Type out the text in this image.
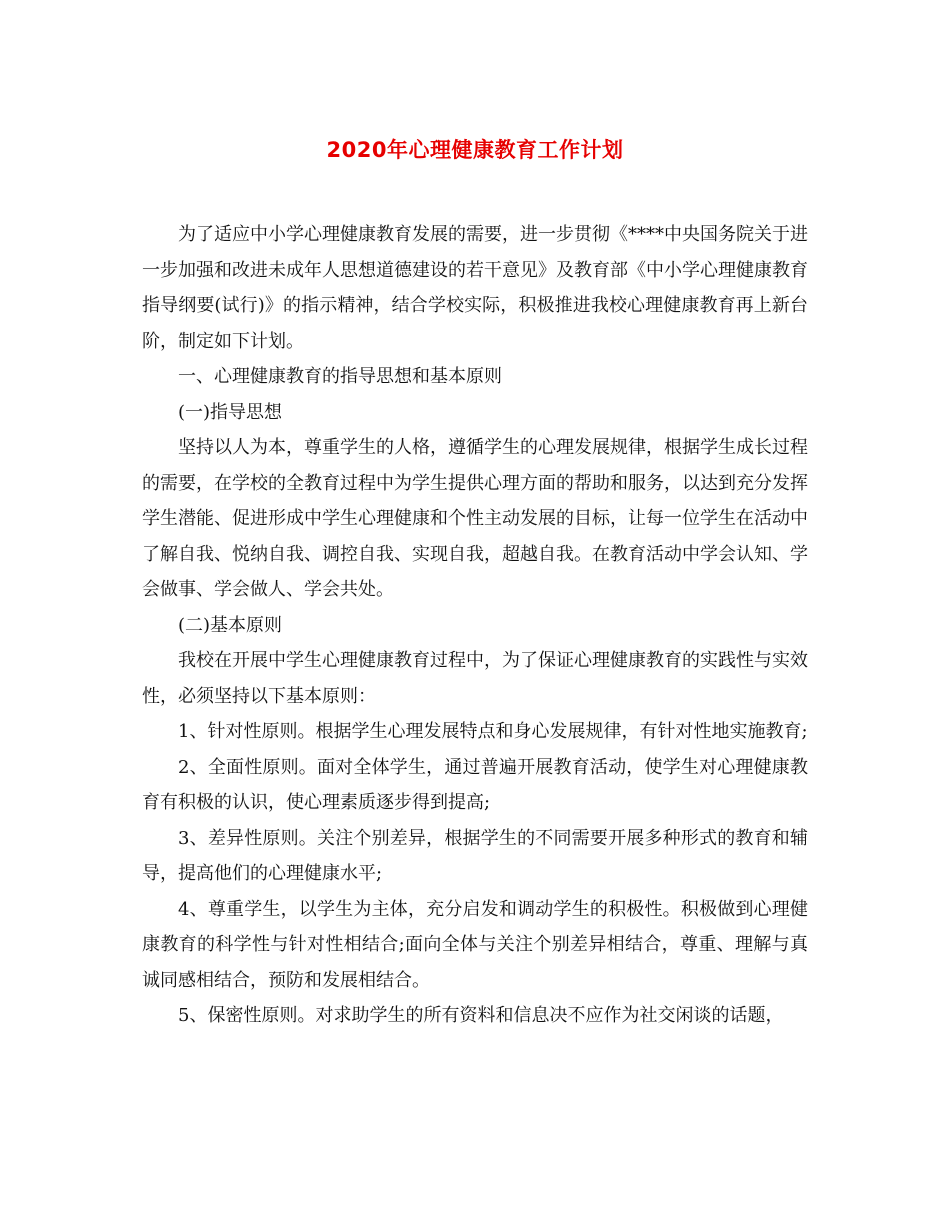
2020年心理健康教育工作计划

为了适应中小学心理健康教育发展的需要，进一步贯彻《****中央国务院关于进一步加强和改进未成年人思想道德建设的若干意见》及教育部《中小学心理健康教育指导纲要(试行)》的指示精神，结合学校实际，积极推进我校心理健康教育再上新台阶，制定如下计划。

一、心理健康教育的指导思想和基本原则

(一)指导思想

坚持以人为本，尊重学生的人格，遵循学生的心理发展规律，根据学生成长过程的需要，在学校的全教育过程中为学生提供心理方面的帮助和服务，以达到充分发挥学生潜能、促进形成中学生心理健康和个性主动发展的目标，让每一位学生在活动中了解自我、悦纳自我、调控自我、实现自我，超越自我。在教育活动中学会认知、学会做事、学会做人、学会共处。

(二)基本原则

我校在开展中学生心理健康教育过程中，为了保证心理健康教育的实践性与实效性，必须坚持以下基本原则：

1、针对性原则。根据学生心理发展特点和身心发展规律，有针对性地实施教育;

2、全面性原则。面对全体学生，通过普遍开展教育活动，使学生对心理健康教育有积极的认识，使心理素质逐步得到提高;

3、差异性原则。关注个别差异，根据学生的不同需要开展多种形式的教育和辅导，提高他们的心理健康水平;

4、尊重学生，以学生为主体，充分启发和调动学生的积极性。积极做到心理健康教育的科学性与针对性相结合;面向全体与关注个别差异相结合，尊重、理解与真诚同感相结合，预防和发展相结合。

5、保密性原则。对求助学生的所有资料和信息决不应作为社交闲谈的话题，
